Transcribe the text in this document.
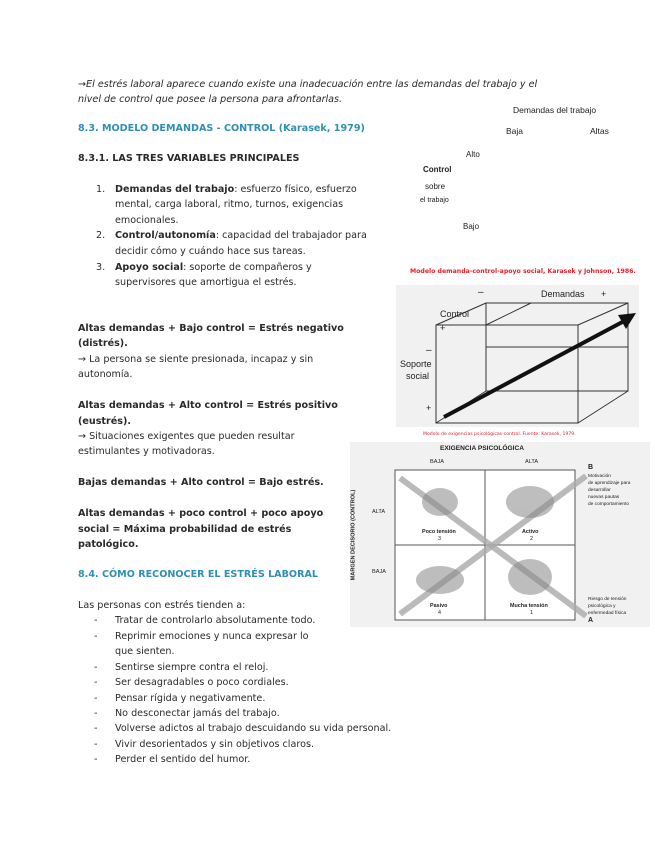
→El estrés laboral aparece cuando existe una inadecuación entre las demandas del trabajo y el
nivel de control que posee la persona para afrontarlas.
8.3. MODELO DEMANDAS - CONTROL (Karasek, 1979)
8.3.1. LAS TRES VARIABLES PRINCIPALES
1. Demandas del trabajo: esfuerzo físico, esfuerzo
mental, carga laboral, ritmo, turnos, exigencias
emocionales.
2. Control/autonomía: capacidad del trabajador para
decidir cómo y cuándo hace sus tareas.
3. Apoyo social: soporte de compañeros y
supervisores que amortigua el estrés.
Altas demandas + Bajo control = Estrés negativo
(distrés).
→ La persona se siente presionada, incapaz y sin
autonomía.
Altas demandas + Alto control = Estrés positivo
(eustrés).
→ Situaciones exigentes que pueden resultar
estimulantes y motivadoras.
Bajas demandas + Alto control = Bajo estrés.
Altas demandas + poco control + poco apoyo
social = Máxima probabilidad de estrés
patológico.
8.4. CÓMO RECONOCER EL ESTRÉS LABORAL
Las personas con estrés tienden a:
- Tratar de controlarlo absolutamente todo.
- Reprimir emociones y nunca expresar lo
que sienten.
- Sentirse siempre contra el reloj.
- Ser desagradables o poco cordiales.
- Pensar rígida y negativamente.
- No desconectar jamás del trabajo.
- Volverse adictos al trabajo descuidando su vida personal.
- Vivir desorientados y sin objetivos claros.
- Perder el sentido del humor.
Demandas del trabajo
Baja	Altas
Alto
Control
sobre
el trabajo
Bajo
Modelo demanda-control-apoyo social, Karasek y Johnson, 1986.
–	Demandas +
Control
+
–
Soporte
social
+
Modelo de exigencias psicológicas-control. Fuente: Karasek, 1979.
EXIGENCIA PSICOLÓGICA
BAJA	ALTA
MARGEN DECISORIO (CONTROL)	ALTA
BAJA
Poco tensión
3
Activo
2
Pasivo
4
Mucha tensión
1
B
Motivación
de aprendizaje para
desarrollar
nuevas pautas
de comportamiento
Riesgo de tensión
psicológica y
enfermedad física
A
